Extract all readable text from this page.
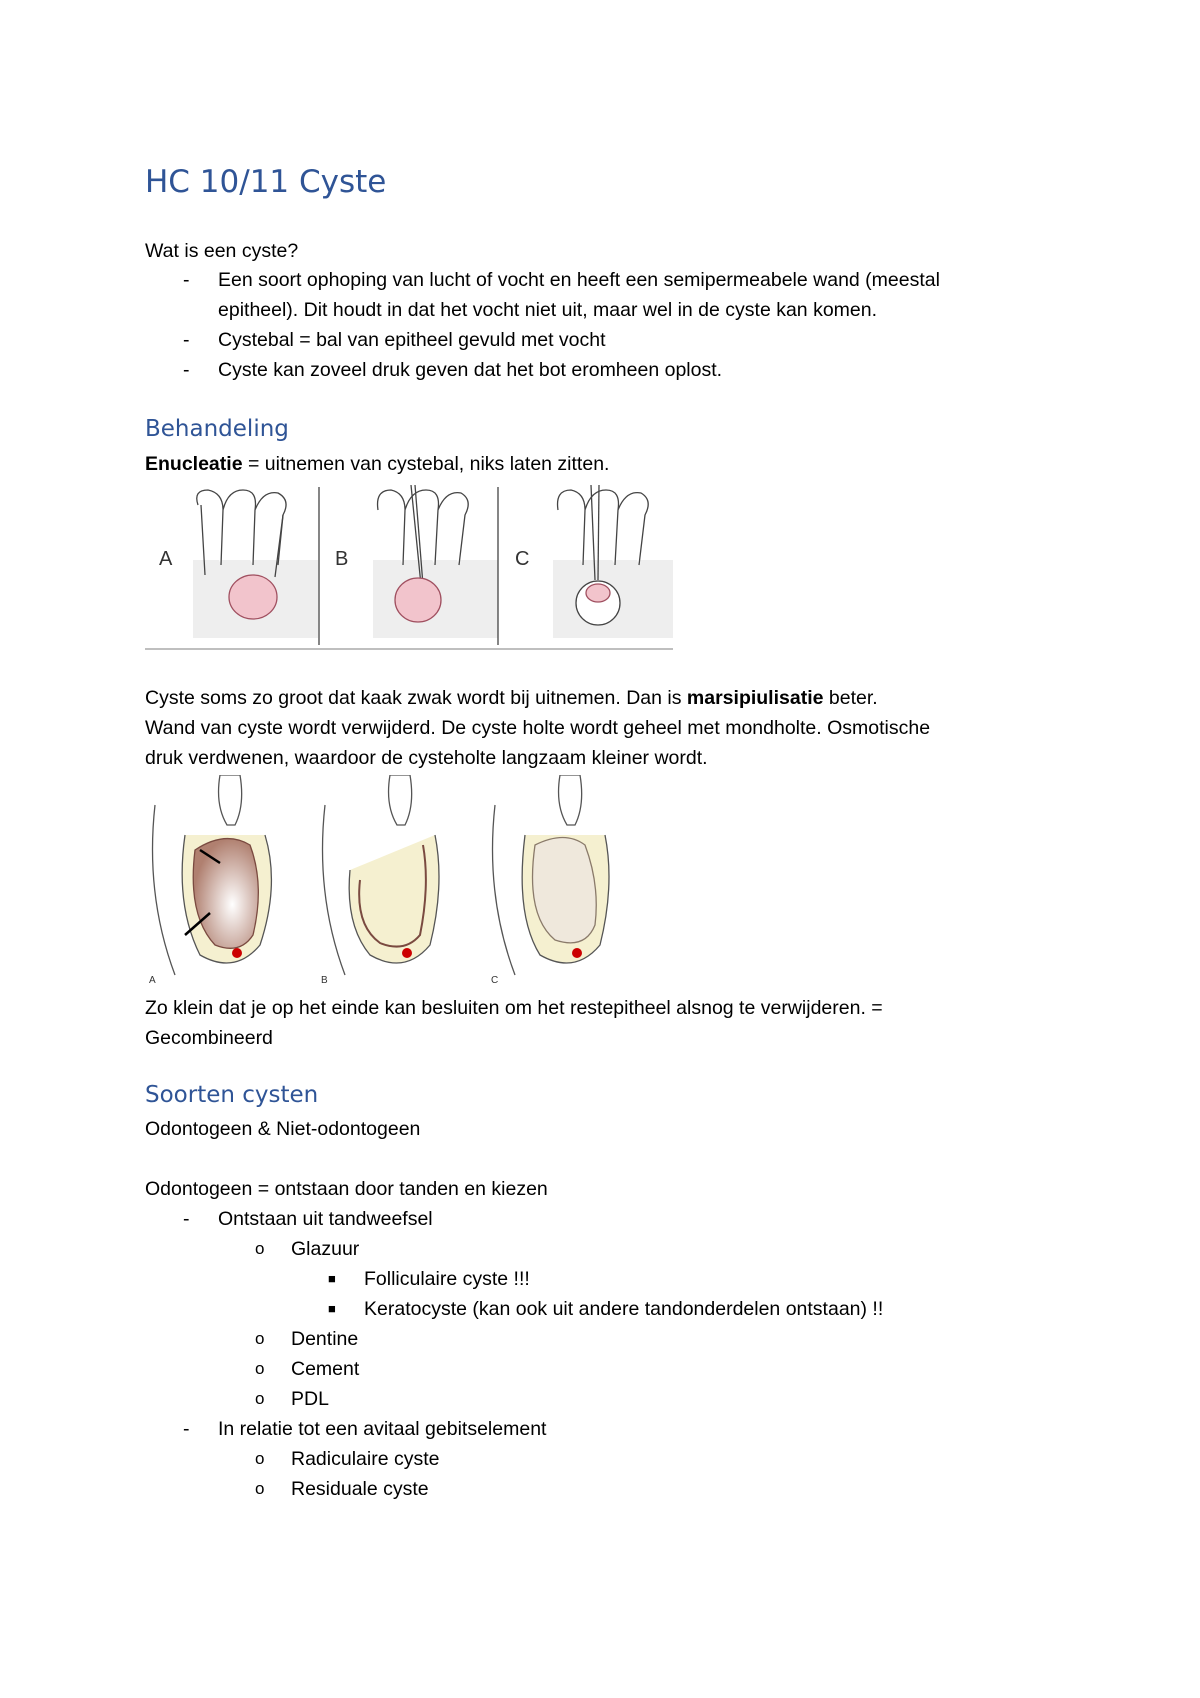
HC 10/11 Cyste
Wat is een cyste?
- Een soort ophoping van lucht of vocht en heeft een semipermeabele wand (meestal
epitheel). Dit houdt in dat het vocht niet uit, maar wel in de cyste kan komen.
- Cystebal = bal van epitheel gevuld met vocht
- Cyste kan zoveel druk geven dat het bot eromheen oplost.
Behandeling
Enucleatie = uitnemen van cystebal, niks laten zitten.
A	B	C
Cyste soms zo groot dat kaak zwak wordt bij uitnemen. Dan is marsipiulisatie beter.
Wand van cyste wordt verwijderd. De cyste holte wordt geheel met mondholte. Osmotische
druk verdwenen, waardoor de cysteholte langzaam kleiner wordt.
A	B	C
Zo klein dat je op het einde kan besluiten om het restepitheel alsnog te verwijderen. =
Gecombineerd
Soorten cysten
Odontogeen & Niet-odontogeen
Odontogeen = ontstaan door tanden en kiezen
- Ontstaan uit tandweefsel
o Glazuur
■ Folliculaire cyste !!!
■ Keratocyste (kan ook uit andere tandonderdelen ontstaan) !!
o Dentine
o Cement
o PDL
- In relatie tot een avitaal gebitselement
o Radiculaire cyste
o Residuale cyste
